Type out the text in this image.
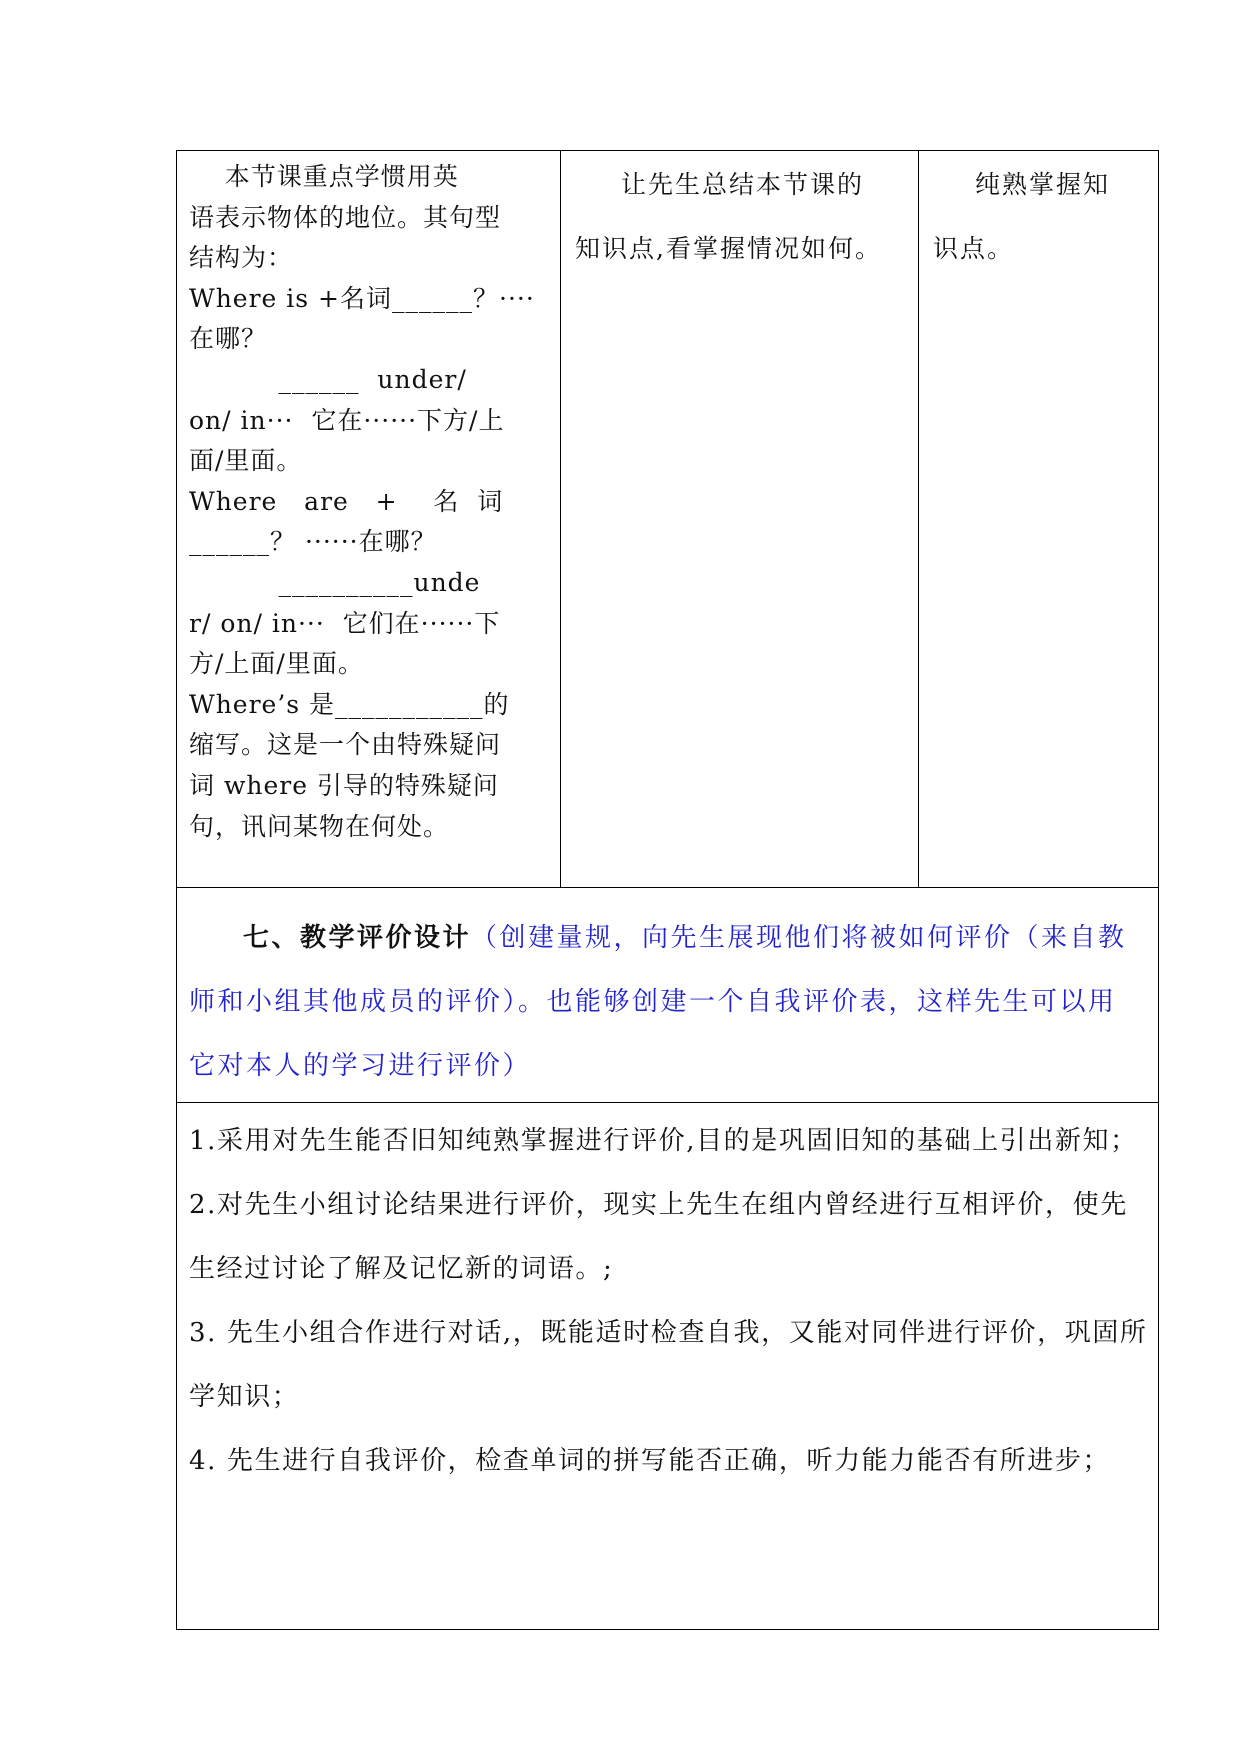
本节课重点学惯用英
语表示物体的地位。其句型
结构为：
Where is +名词______？····
在哪？
______  under/
on/ in···  它在······下方/上
面/里面。
Where   are   +    名  词
______？ ······在哪？
__________unde
r/ on/ in···  它们在······下
方/上面/里面。
Where’s 是___________的
缩写。这是一个由特殊疑问
词 where 引导的特殊疑问
句，讯问某物在何处。

让先生总结本节课的
知识点,看掌握情况如何。

纯熟掌握知
识点。

七、教学评价设计（创建量规，向先生展现他们将被如何评价（来自教师和小组其他成员的评价）。也能够创建一个自我评价表，这样先生可以用它对本人的学习进行评价）

1.采用对先生能否旧知纯熟掌握进行评价,目的是巩固旧知的基础上引出新知；
2.对先生小组讨论结果进行评价，现实上先生在组内曾经进行互相评价，使先生经过讨论了解及记忆新的词语。;
3. 先生小组合作进行对话,，既能适时检查自我，又能对同伴进行评价，巩固所学知识；
4. 先生进行自我评价，检查单词的拼写能否正确，听力能力能否有所进步；
